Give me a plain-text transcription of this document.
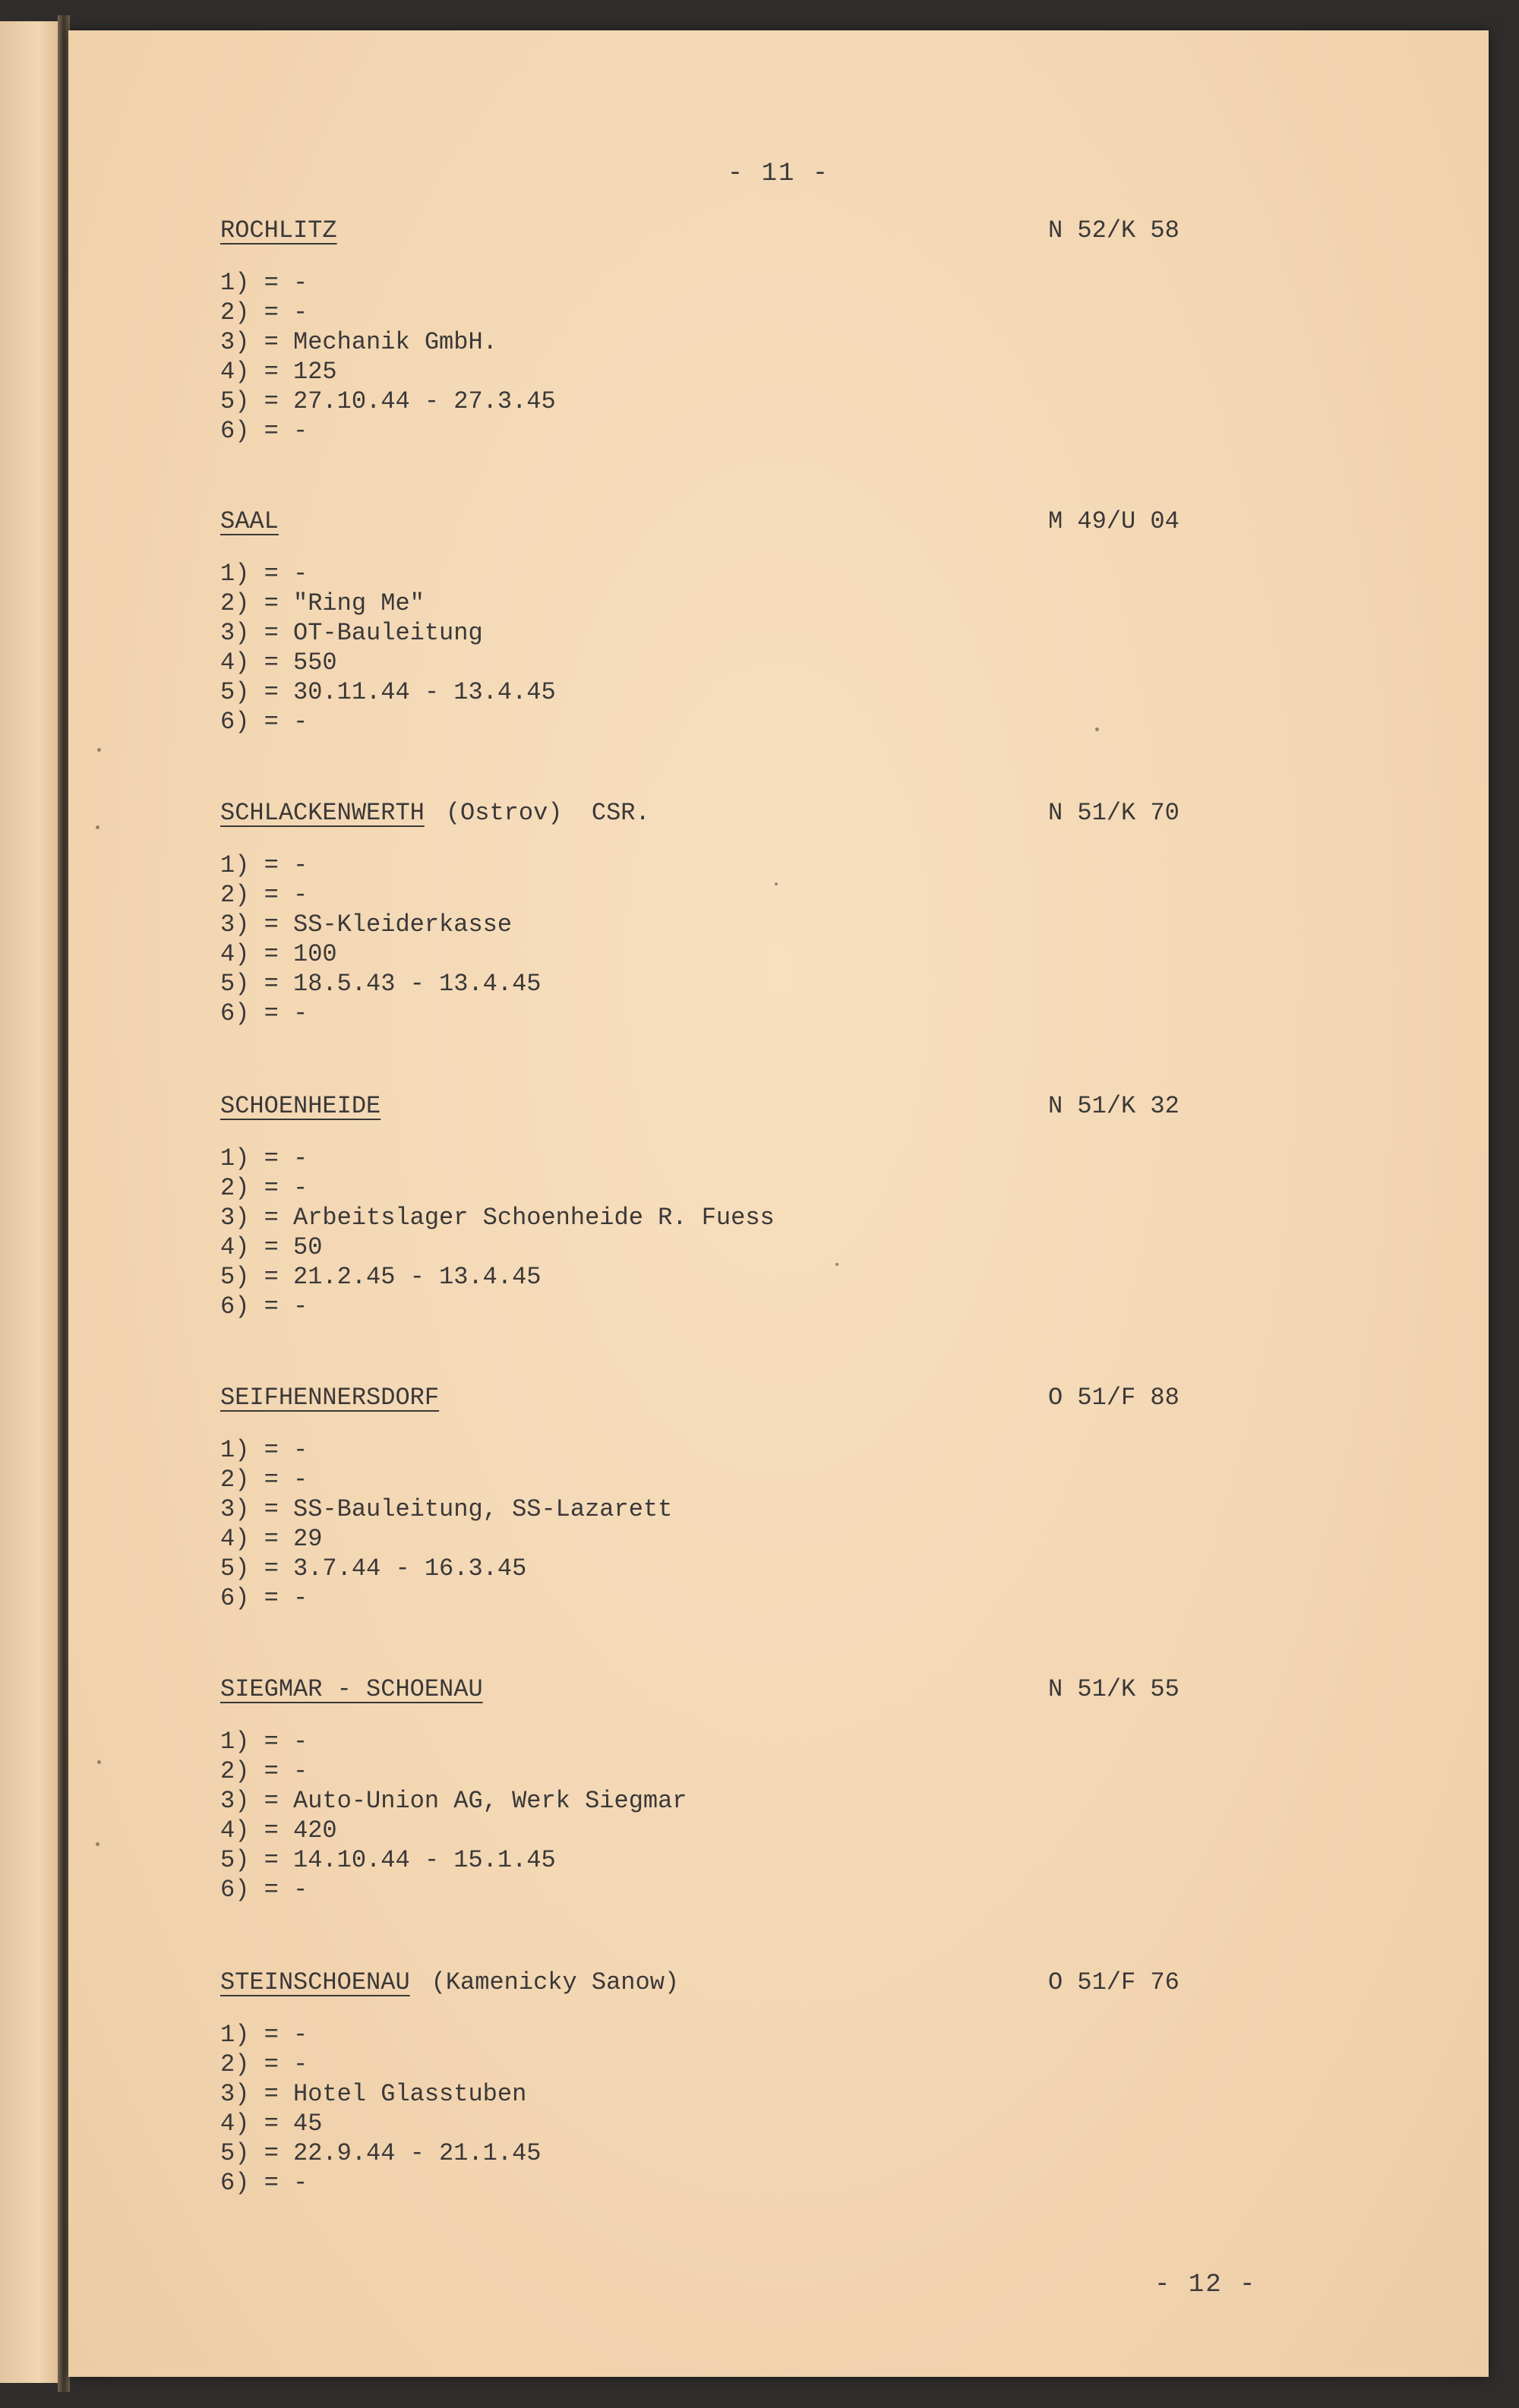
- 11 -
ROCHLITZ	N 52/K 58
1) = -
2) = -
3) = Mechanik GmbH.
4) = 125
5) = 27.10.44 - 27.3.45
6) = -
SAAL	M 49/U 04
1) = -
2) = "Ring Me"
3) = OT-Bauleitung
4) = 550
5) = 30.11.44 - 13.4.45
6) = -
SCHLACKENWERTH (Ostrov)  CSR.	N 51/K 70
1) = -
2) = -
3) = SS-Kleiderkasse
4) = 100
5) = 18.5.43 - 13.4.45
6) = -
SCHOENHEIDE	N 51/K 32
1) = -
2) = -
3) = Arbeitslager Schoenheide R. Fuess
4) = 50
5) = 21.2.45 - 13.4.45
6) = -
SEIFHENNERSDORF	O 51/F 88
1) = -
2) = -
3) = SS-Bauleitung, SS-Lazarett
4) = 29
5) = 3.7.44 - 16.3.45
6) = -
SIEGMAR - SCHOENAU	N 51/K 55
1) = -
2) = -
3) = Auto-Union AG, Werk Siegmar
4) = 420
5) = 14.10.44 - 15.1.45
6) = -
STEINSCHOENAU (Kamenicky Sanow)	O 51/F 76
1) = -
2) = -
3) = Hotel Glasstuben
4) = 45
5) = 22.9.44 - 21.1.45
6) = -
- 12 -
